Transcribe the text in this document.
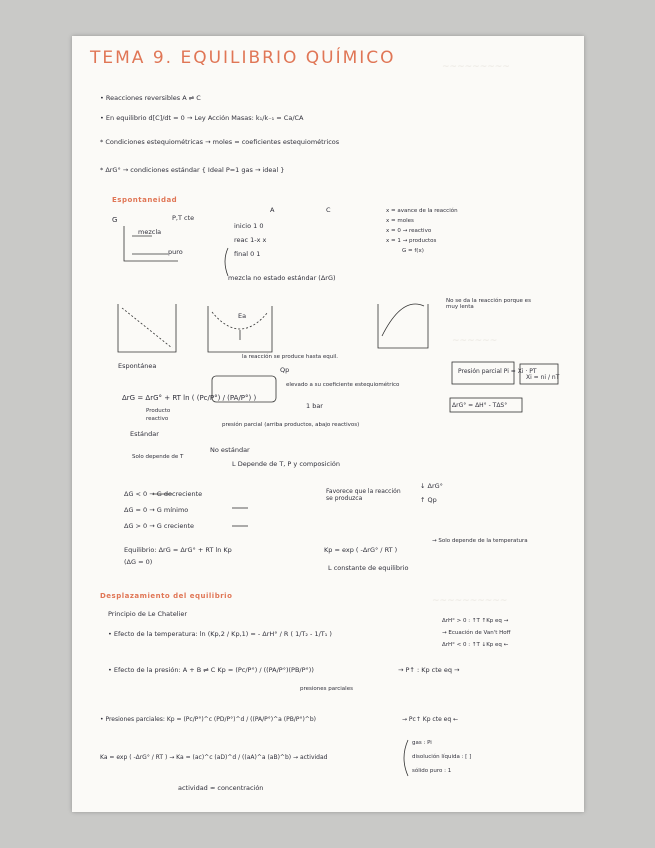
~~~~~~~~~
~~~~~~
~~~~~~~~~~
TEMA 9. EQUILIBRIO QUÍMICO
• Reacciones reversibles A ⇌ C
• En equilibrio d[C]/dt = 0 → Ley Acción Masas: k₁/k₋₁ = Ca/CA
* Condiciones estequiométricas → moles = coeficientes estequiométricos
* ΔrG° → condiciones estándar { Ideal P=1 gas → ideal }
Espontaneidad
G	P,T cte
mezcla
puro
A	C
inicio 1 0
reac 1-x x
final 0 1
x = avance de la reacción
x = moles
x = 0 → reactivo
x = 1 → productos
G = f(x)
mezcla no estado estándar (ΔrG)
Espontánea
Ea
la reacción se produce hasta equil.
No se da la reacción porque es muy lenta
Presión parcial Pi = Xi · PT
Xi = ni / nT
ΔrG° = ΔH° - TΔS°
Qp
ΔrG = ΔrG° + RT ln ( (Pc/P°) / (PA/P°) )
elevado a su coeficiente estequiométrico
1 bar
Producto
reactivo
Estándar
No estándar
presión parcial (arriba productos, abajo reactivos)
Solo depende de T
L Depende de T, P y composición
ΔG < 0 → G decreciente
ΔG = 0 → G mínimo
ΔG > 0 → G creciente
Favorece que la reacción se produzca
↓ ΔrG°
↑ Qp
Equilibrio: ΔrG = ΔrG° + RT ln Kp
(ΔG = 0)
Kp = exp ( -ΔrG° / RT )
→ Solo depende de la temperatura
L constante de equilibrio
Desplazamiento del equilibrio
Principio de Le Chatelier
• Efecto de la temperatura: ln (Kp,2 / Kp,1) = - ΔrH° / R ( 1/T₂ - 1/T₁ )
ΔrH° > 0 : ↑T ↑Kp eq →
→ Ecuación de Van't Hoff
ΔrH° < 0 : ↑T ↓Kp eq ←
• Efecto de la presión: A + B ⇌ C Kp = (Pc/P°) / ((PA/P°)(PB/P°))	→ P↑ : Kp cte eq →
presiones parciales
• Presiones parciales: Kp = (Pc/P°)^c (PD/P°)^d / ((PA/P°)^a (PB/P°)^b)	→ Pc↑ Kp cte eq ←
Ka = exp ( -ΔrG° / RT ) → Ka = (ac)^c (aD)^d / ((aA)^a (aB)^b) → actividad
gas : Pi
disolución líquida : [ ]
sólido puro : 1
actividad ≈ concentración
